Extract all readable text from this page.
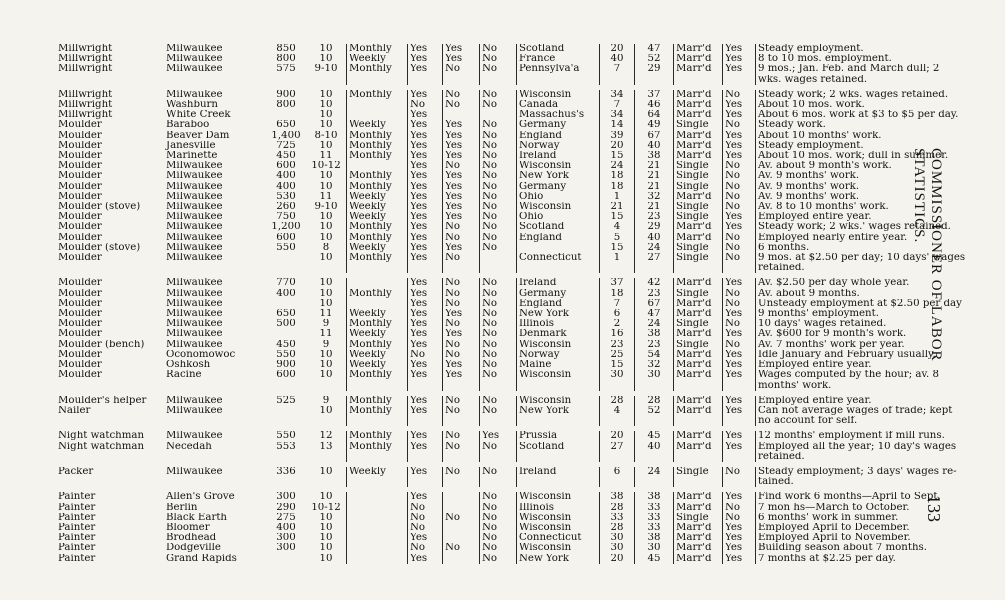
Millwright	Milwaukee	850	10	Monthly	Yes	Yes	No	Scotland	20	47	Marr'd	Yes	Steady employment.
Millwright	Milwaukee	800	10	Weekly	Yes	Yes	No	France	40	52	Marr'd	Yes	8 to 10 mos. employment.
Millwright	Milwaukee	575	9-10	Monthly	Yes	No	No	Pennsylva'a	7	29	Marr'd	Yes	9 mos.; Jan. Feb. and March dull; 2
													wks. wages retained.

Millwright	Milwaukee	900	10	Monthly	Yes	No	No	Wisconsin	34	37	Marr'd	No	Steady work; 2 wks. wages retained.
Millwright	Washburn	800	10		No	No	No	Canada	7	46	Marr'd	Yes	About 10 mos. work.
Millwright	White Creek		10		Yes			Massachus's	34	64	Marr'd	Yes	About 6 mos. work at $3 to $5 per day.
Moulder	Baraboo	650	10	Weekly	Yes	Yes	No	Germany	14	49	Single	No	Steady work.
Moulder	Beaver Dam	1,400	8-10	Monthly	Yes	Yes	No	England	39	67	Marr'd	Yes	About 10 months' work.
Moulder	Janesville	725	10	Monthly	Yes	Yes	No	Norway	20	40	Marr'd	Yes	Steady employment.
Moulder	Marinette	450	11	Monthly	Yes	Yes	No	Ireland	15	38	Marr'd	Yes	About 10 mos. work; dull in summer.
Moulder	Milwaukee	600	10-12		Yes	No	No	Wisconsin	24	21	Single	No	Av. about 9 month's work.
Moulder	Milwaukee	400	10	Monthly	Yes	Yes	No	New York	18	21	Single	No	Av. 9 months' work.
Moulder	Milwaukee	400	10	Monthly	Yes	Yes	No	Germany	18	21	Single	No	Av. 9 months' work.
Moulder	Milwaukee	530	11	Weekly	Yes	Yes	No	Ohio	1	32	Marr'd	No	Av. 9 months' work.
Moulder (stove)	Milwaukee	260	9-10	Weekly	Yes	Yes	No	Wisconsin	21	21	Single	No	Av. 8 to 10 months' work.
Moulder	Milwaukee	750	10	Weekly	Yes	Yes	No	Ohio	15	23	Single	Yes	Employed entire year.
Moulder	Milwaukee	1,200	10	Monthly	Yes	No	No	Scotland	4	29	Marr'd	Yes	Steady work; 2 wks.' wages retained.
Moulder	Milwaukee	600	10	Monthly	Yes	No	No	England	5	40	Marr'd	No	Employed nearly entire year.
Moulder (stove)	Milwaukee	550	8	Weekly	Yes	Yes	No		15	24	Single	No	6 months.
Moulder	Milwaukee		10	Monthly	Yes	No		Connecticut	1	27	Single	No	9 mos. at $2.50 per day; 10 days' wages
													retained.

Moulder	Milwaukee	770	10		Yes	No	No	Ireland	37	42	Marr'd	Yes	Av. $2.50 per day whole year.
Moulder	Milwaukee	400	10	Monthly	Yes	No	No	Germany	18	23	Single	No	Av. about 9 months.
Moulder	Milwaukee		10		Yes	No	No	England	7	67	Marr'd	No	Unsteady employment at $2.50 per day
Moulder	Milwaukee	650	11	Weekly	Yes	Yes	No	New York	6	47	Marr'd	Yes	9 months' employment.
Moulder	Milwaukee	500	9	Monthly	Yes	No	No	Illinois	2	24	Single	No	10 days' wages retained.
Moulder	Milwaukee		11	Weekly	Yes	Yes	No	Denmark	16	38	Marr'd	Yes	Av. $600 for 9 month's work.
Moulder (bench)	Milwaukee	450	9	Monthly	Yes	No	No	Wisconsin	23	23	Single	No	Av. 7 months' work per year.
Moulder	Oconomowoc	550	10	Weekly	No	No	No	Norway	25	54	Marr'd	Yes	Idle January and February usually.
Moulder	Oshkosh	900	10	Weekly	Yes	Yes	No	Maine	15	32	Marr'd	Yes	Employed entire year.
Moulder	Racine	600	10	Monthly	Yes	Yes	No	Wisconsin	30	30	Marr'd	Yes	Wages computed by the hour; av. 8
													months' work.

Moulder's helper	Milwaukee	525	9	Monthly	Yes	No	No	Wisconsin	28	28	Marr'd	Yes	Employed entire year.
Nailer	Milwaukee		10	Monthly	Yes	No	No	New York	4	52	Marr'd	Yes	Can not average wages of trade; kept
													no account for self.

Night watchman	Milwaukee	550	12	Monthly	Yes	No	Yes	Prussia	20	45	Marr'd	Yes	12 months' employment if mill runs.
Night watchman	Necedah	553	13	Monthly	Yes	No	No	Scotland	27	40	Marr'd	Yes	Employed all the year; 10 day's wages
													retained.

Packer	Milwaukee	336	10	Weekly	Yes	No	No	Ireland	6	24	Single	No	Steady employment; 3 days' wages re-
													tained.

Painter	Allen's Grove	300	10		Yes		No	Wisconsin	38	38	Marr'd	Yes	Find work 6 months—April to Sept.
Painter	Berlin	290	10-12		No		No	Illinois	28	33	Marr'd	No	7 mon hs—March to October.
Painter	Black Earth	275	10		No	No	No	Wisconsin	33	33	Single	No	6 months' work in summer.
Painter	Bloomer	400	10		No		No	Wisconsin	28	33	Marr'd	Yes	Employed April to December.
Painter	Brodhead	300	10		Yes		No	Connecticut	30	38	Marr'd	Yes	Employed April to November.
Painter	Dodgeville	300	10		No	No	No	Wisconsin	30	30	Marr'd	Yes	Building season about 7 months.
Painter	Grand Rapids		10		Yes		No	New York	20	45	Marr'd	Yes	7 months at $2.25 per day.
COMMISSIONER OF LABOR STATISTICS.
133
